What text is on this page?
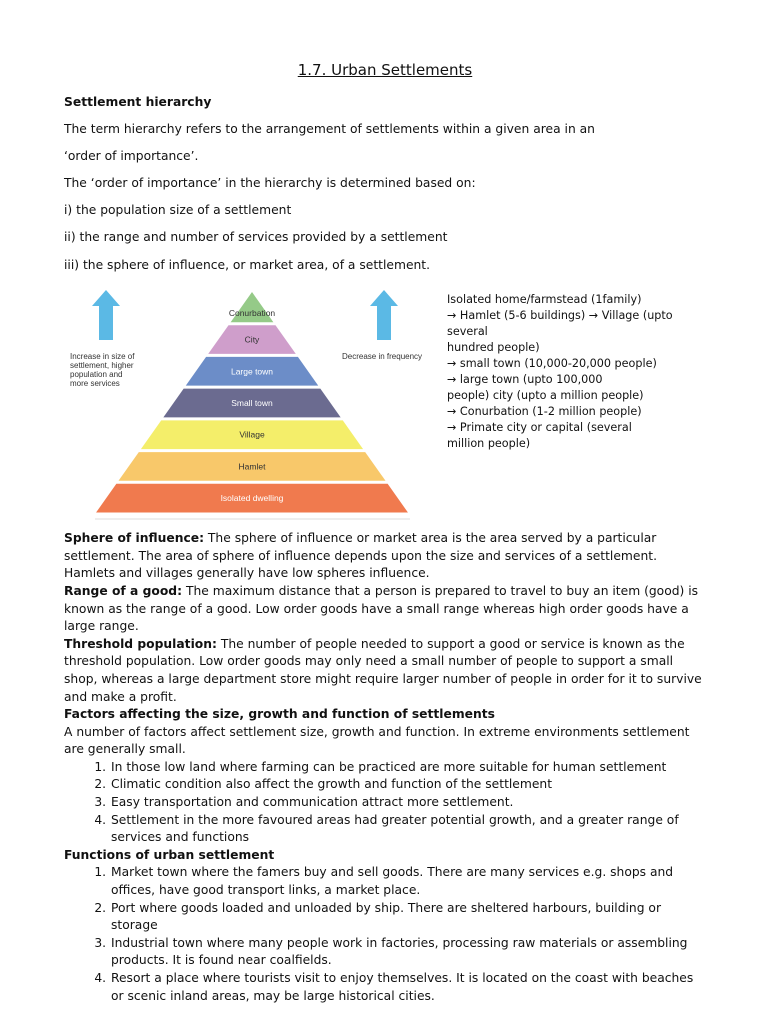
1.7. Urban Settlements

Settlement hierarchy

The term hierarchy refers to the arrangement of settlements within a given area in an

‘order of importance’.

The ‘order of importance’ in the hierarchy is determined based on:

i) the population size of a settlement

ii) the range and number of services provided by a settlement

iii) the sphere of influence, or market area, of a settlement.

Increase in size of
settlement, higher
population and
more services
Decrease in frequency
Conurbation
City
Large town
Small town
Village
Hamlet
Isolated dwelling
Isolated home/farmstead (1family)
→ Hamlet (5-6 buildings) → Village (upto several
hundred people)
→ small town (10,000-20,000 people)
→ large town (upto 100,000
people) city (upto a million people)
→ Conurbation (1-2 million people)
→ Primate city or capital (several
million people)

Sphere of influence: The sphere of influence or market area is the area served by a particular settlement. The area of sphere of influence depends upon the size and services of a settlement. Hamlets and villages generally have low spheres influence.

Range of a good: The maximum distance that a person is prepared to travel to buy an item (good) is known as the range of a good. Low order goods have a small range whereas high order goods have a large range.

Threshold population: The number of people needed to support a good or service is known as the threshold population. Low order goods may only need a small number of people to support a small shop, whereas a large department store might require larger number of people in order for it to survive and make a profit.

Factors affecting the size, growth and function of settlements

A number of factors affect settlement size, growth and function. In extreme environments settlement are generally small.

1. In those low land where farming can be practiced are more suitable for human settlement
2. Climatic condition also affect the growth and function of the settlement
3. Easy transportation and communication attract more settlement.
4. Settlement in the more favoured areas had greater potential growth, and a greater range of services and functions

Functions of urban settlement

1. Market town where the famers buy and sell goods. There are many services e.g. shops and offices, have good transport links, a market place.
2. Port where goods loaded and unloaded by ship. There are sheltered harbours, building or storage
3. Industrial town where many people work in factories, processing raw materials or assembling products. It is found near coalfields.
4. Resort a place where tourists visit to enjoy themselves. It is located on the coast with beaches or scenic inland areas, may be large historical cities.
